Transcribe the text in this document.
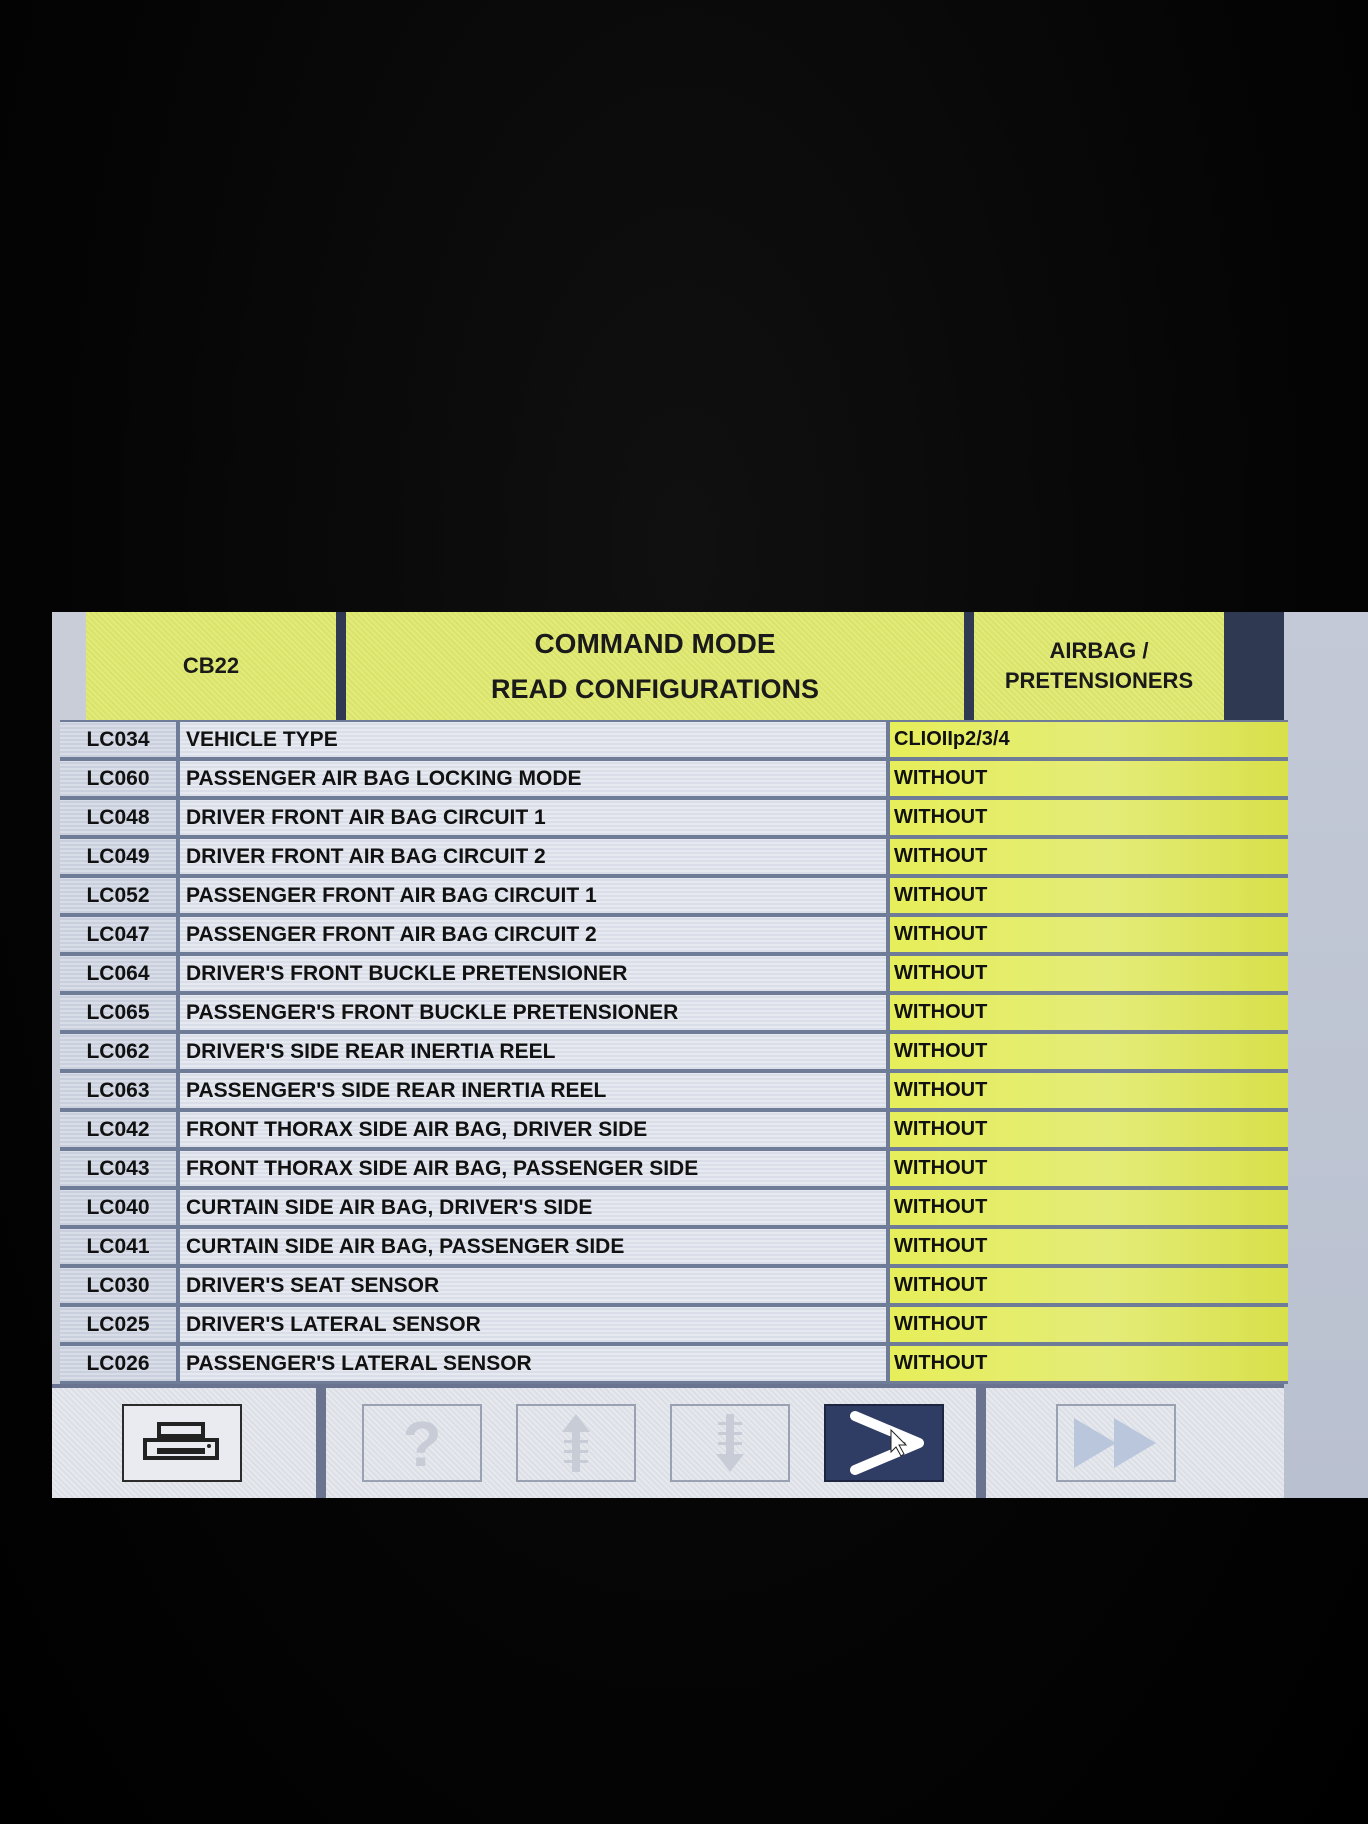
CB22
COMMAND MODE
READ CONFIGURATIONS
AIRBAG /
PRETENSIONERS
LC034	VEHICLE TYPE	CLIOIIp2/3/4
LC060	PASSENGER AIR BAG LOCKING MODE	WITHOUT
LC048	DRIVER FRONT AIR BAG CIRCUIT 1	WITHOUT
LC049	DRIVER FRONT AIR BAG CIRCUIT 2	WITHOUT
LC052	PASSENGER FRONT AIR BAG CIRCUIT 1	WITHOUT
LC047	PASSENGER FRONT AIR BAG CIRCUIT 2	WITHOUT
LC064	DRIVER'S FRONT BUCKLE PRETENSIONER	WITHOUT
LC065	PASSENGER'S FRONT BUCKLE PRETENSIONER	WITHOUT
LC062	DRIVER'S SIDE REAR INERTIA REEL	WITHOUT
LC063	PASSENGER'S SIDE REAR INERTIA REEL	WITHOUT
LC042	FRONT THORAX SIDE AIR BAG, DRIVER SIDE	WITHOUT
LC043	FRONT THORAX SIDE AIR BAG, PASSENGER SIDE	WITHOUT
LC040	CURTAIN SIDE AIR BAG, DRIVER'S SIDE	WITHOUT
LC041	CURTAIN SIDE AIR BAG, PASSENGER SIDE	WITHOUT
LC030	DRIVER'S SEAT SENSOR	WITHOUT
LC025	DRIVER'S LATERAL SENSOR	WITHOUT
LC026	PASSENGER'S LATERAL SENSOR	WITHOUT
?
